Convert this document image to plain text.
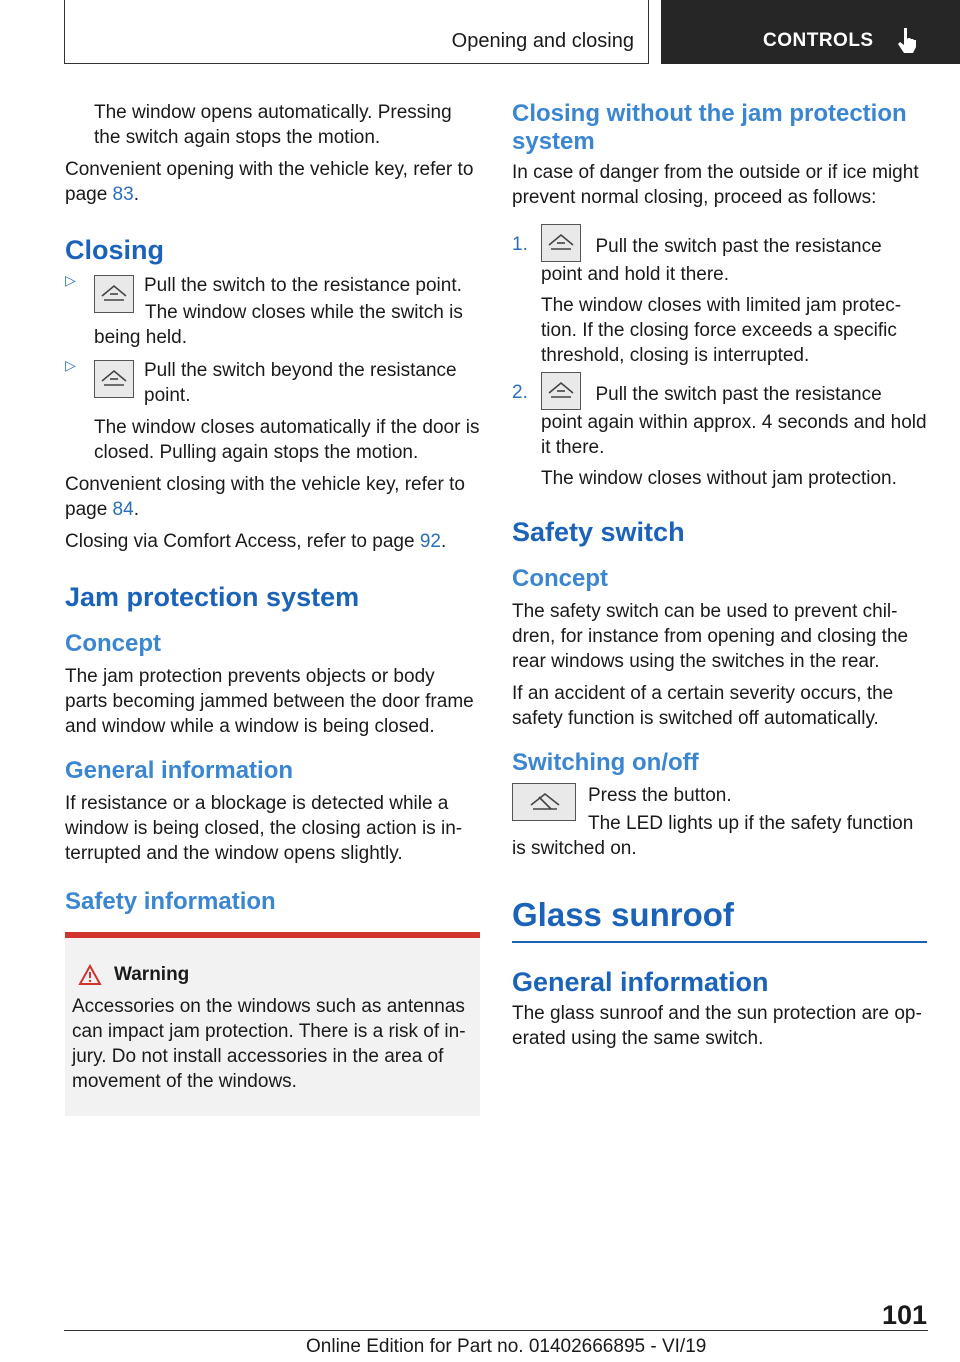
Opening and closing	CONTROLS

The window opens automatically. Pressing the switch again stops the motion.

Convenient opening with the vehicle key, refer to page 83.

Closing
▷	Pull the switch to the resistance point.

The window closes while the switch is being held.

▷	Pull the switch beyond the resistance point.

The window closes automatically if the door is closed. Pulling again stops the motion.

Convenient closing with the vehicle key, refer to page 84.

Closing via Comfort Access, refer to page 92.

Jam protection system
Concept

The jam protection prevents objects or body parts becoming jammed between the door frame and window while a window is being closed.

General information

If resistance or a blockage is detected while a window is being closed, the closing action is in-terrupted and the window opens slightly.

Safety information
Warning

Accessories on the windows such as antennas can impact jam protection. There is a risk of in-jury. Do not install accessories in the area of movement of the windows.

Closing without the jam protection system

In case of danger from the outside or if ice might prevent normal closing, proceed as follows:

1.	Pull the switch past the resistance point and hold it there.

The window closes with limited jam protec-tion. If the closing force exceeds a specific threshold, closing is interrupted.

2.	Pull the switch past the resistance point again within approx. 4 seconds and hold it there.

The window closes without jam protection.

Safety switch
Concept

The safety switch can be used to prevent chil-dren, for instance from opening and closing the rear windows using the switches in the rear.

If an accident of a certain severity occurs, the safety function is switched off automatically.

Switching on/off

Press the button.

The LED lights up if the safety function is switched on.

Glass sunroof
General information

The glass sunroof and the sun protection are op-erated using the same switch.

101
Online Edition for Part no. 01402666895 - VI/19
